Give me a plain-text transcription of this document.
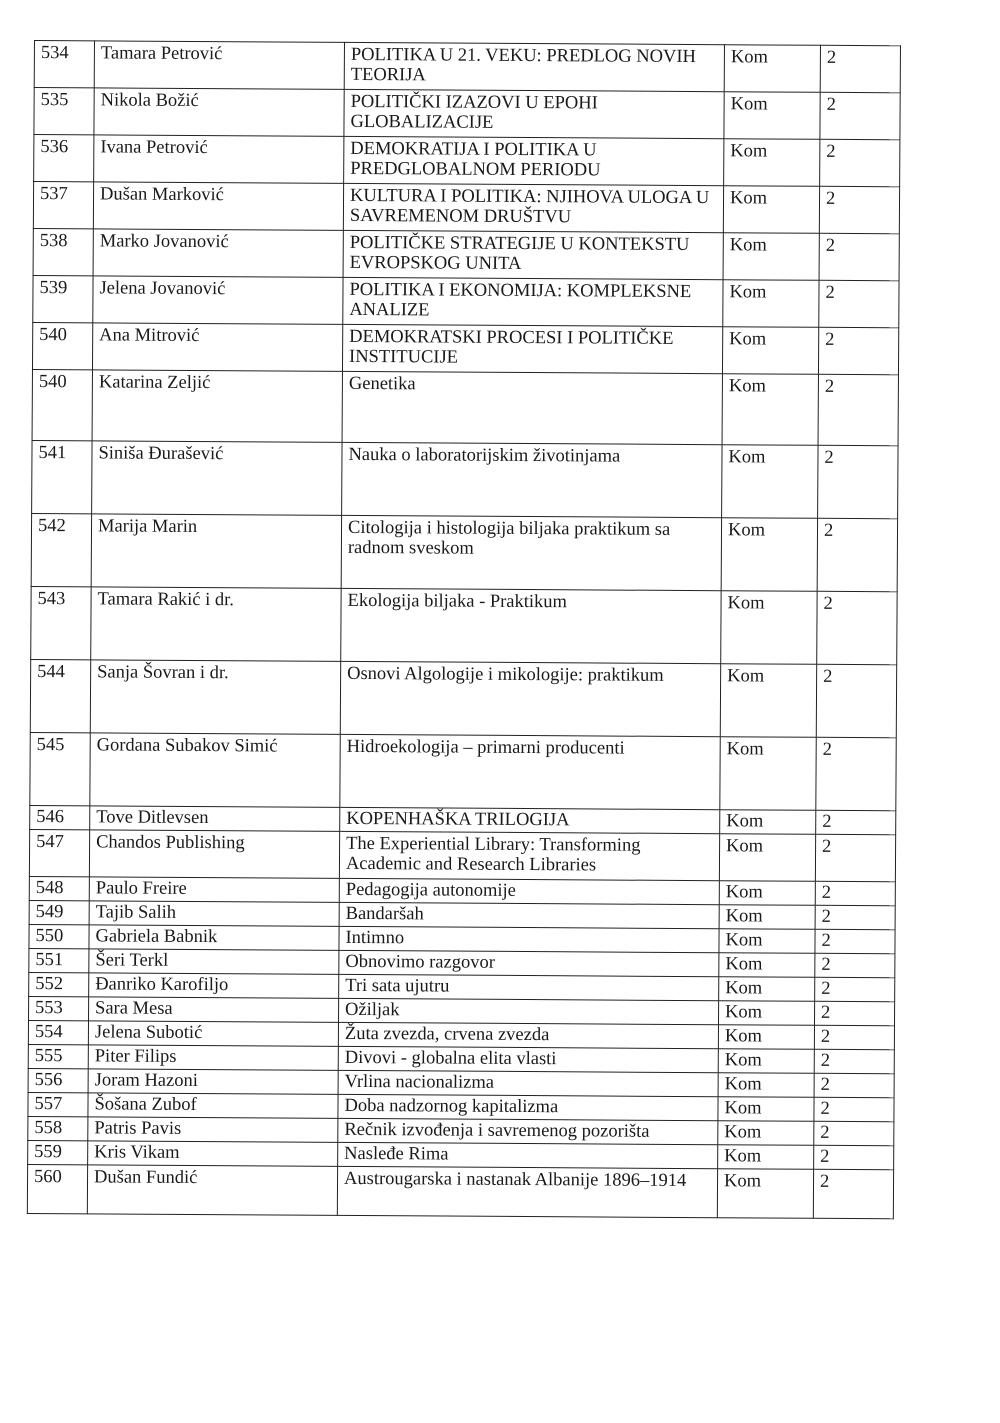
534	Tamara Petrović	POLITIKA U 21. VEKU: PREDLOG NOVIH TEORIJA	Kom	2
535	Nikola Božić	POLITIČKI IZAZOVI U EPOHI GLOBALIZACIJE	Kom	2
536	Ivana Petrović	DEMOKRATIJA I POLITIKA U PREDGLOBALNOM PERIODU	Kom	2
537	Dušan Marković	KULTURA I POLITIKA: NJIHOVA ULOGA U SAVREMENOM DRUŠTVU	Kom	2
538	Marko Jovanović	POLITIČKE STRATEGIJE U KONTEKSTU EVROPSKOG UNITA	Kom	2
539	Jelena Jovanović	POLITIKA I EKONOMIJA: KOMPLEKSNE ANALIZE	Kom	2
540	Ana Mitrović	DEMOKRATSKI PROCESI I POLITIČKE INSTITUCIJE	Kom	2
540	Katarina Zeljić	Genetika	Kom	2
541	Siniša Đurašević	Nauka o laboratorijskim životinjama	Kom	2
542	Marija Marin	Citologija i histologija biljaka praktikum sa radnom sveskom	Kom	2
543	Tamara Rakić i dr.	Ekologija biljaka - Praktikum	Kom	2
544	Sanja Šovran i dr.	Osnovi Algologije i mikologije: praktikum	Kom	2
545	Gordana Subakov Simić	Hidroekologija – primarni producenti	Kom	2
546	Tove Ditlevsen	KOPENHAŠKA TRILOGIJA	Kom	2
547	Chandos Publishing	The Experiential Library: Transforming Academic and Research Libraries	Kom	2
548	Paulo Freire	Pedagogija autonomije	Kom	2
549	Tajib Salih	Bandaršah	Kom	2
550	Gabriela Babnik	Intimno	Kom	2
551	Šeri Terkl	Obnovimo razgovor	Kom	2
552	Đanriko Karofiljo	Tri sata ujutru	Kom	2
553	Sara Mesa	Ožiljak	Kom	2
554	Jelena Subotić	Žuta zvezda, crvena zvezda	Kom	2
555	Piter Filips	Divovi - globalna elita vlasti	Kom	2
556	Joram Hazoni	Vrlina nacionalizma	Kom	2
557	Šošana Zubof	Doba nadzornog kapitalizma	Kom	2
558	Patris Pavis	Rečnik izvođenja i savremenog pozorišta	Kom	2
559	Kris Vikam	Nasleđe Rima	Kom	2
560	Dušan Fundić	Austrougarska i nastanak Albanije 1896–1914	Kom	2
